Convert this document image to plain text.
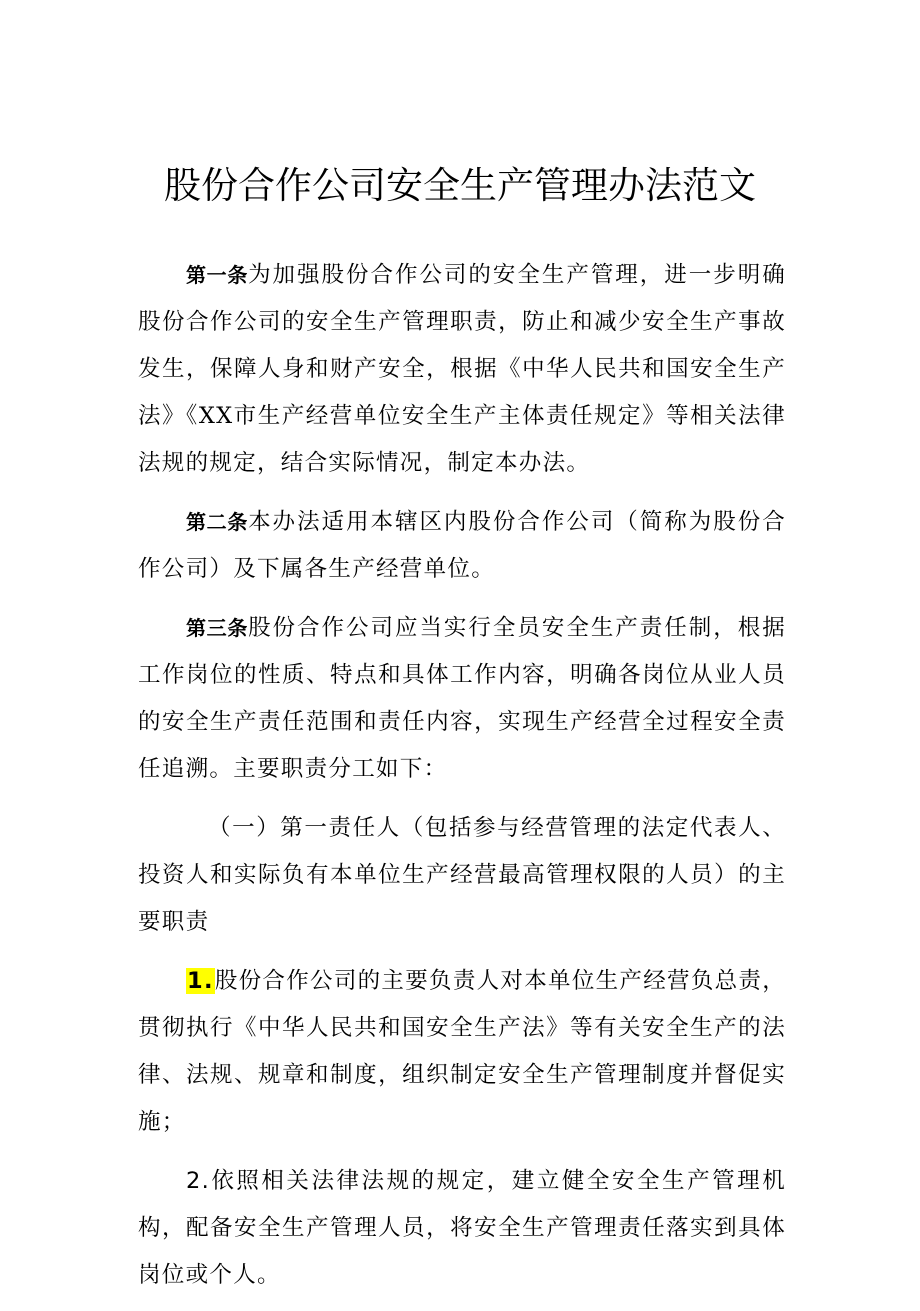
股份合作公司安全生产管理办法范文

第一条为加强股份合作公司的安全生产管理，进一步明确股份合作公司的安全生产管理职责，防止和减少安全生产事故发生，保障人身和财产安全，根据《中华人民共和国安全生产法》《XX市生产经营单位安全生产主体责任规定》等相关法律法规的规定，结合实际情况，制定本办法。

第二条本办法适用本辖区内股份合作公司（简称为股份合作公司）及下属各生产经营单位。

第三条股份合作公司应当实行全员安全生产责任制，根据工作岗位的性质、特点和具体工作内容，明确各岗位从业人员的安全生产责任范围和责任内容，实现生产经营全过程安全责任追溯。主要职责分工如下：

（一）第一责任人（包括参与经营管理的法定代表人、投资人和实际负有本单位生产经营最高管理权限的人员）的主要职责

1.股份合作公司的主要负责人对本单位生产经营负总责，贯彻执行《中华人民共和国安全生产法》等有关安全生产的法律、法规、规章和制度，组织制定安全生产管理制度并督促实施；

2.依照相关法律法规的规定，建立健全安全生产管理机构，配备安全生产管理人员，将安全生产管理责任落实到具体岗位或个人。
